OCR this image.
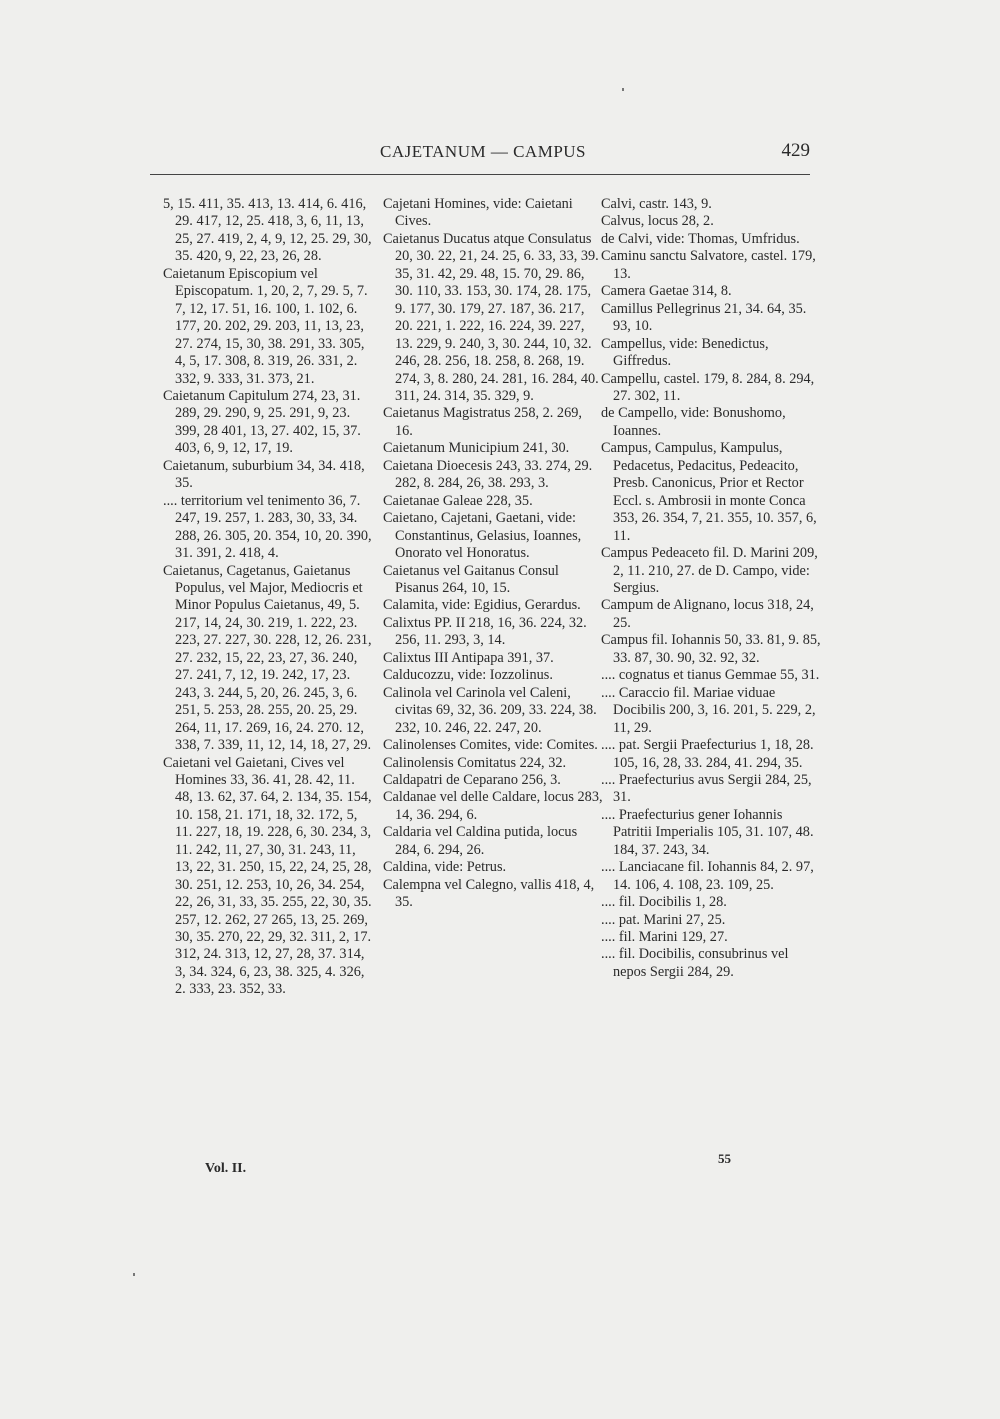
CAJETANUM — CAMPUS	429
5, 15. 411, 35. 413, 13. 414, 6. 416, 29. 417, 12, 25. 418, 3, 6, 11, 13, 25, 27. 419, 2, 4, 9, 12, 25. 29, 30, 35. 420, 9, 22, 23, 26, 28.
Caietanum Episcopium vel Episcopatum. 1, 20, 2, 7, 29. 5, 7. 7, 12, 17. 51, 16. 100, 1. 102, 6. 177, 20. 202, 29. 203, 11, 13, 23, 27. 274, 15, 30, 38. 291, 33. 305, 4, 5, 17. 308, 8. 319, 26. 331, 2. 332, 9. 333, 31. 373, 21.
Caietanum Capitulum 274, 23, 31. 289, 29. 290, 9, 25. 291, 9, 23. 399, 28 401, 13, 27. 402, 15, 37. 403, 6, 9, 12, 17, 19.
Caietanum, suburbium 34, 34. 418, 35.
.... territorium vel tenimento 36, 7. 247, 19. 257, 1. 283, 30, 33, 34. 288, 26. 305, 20. 354, 10, 20. 390, 31. 391, 2. 418, 4.
Caietanus, Cagetanus, Gaietanus Populus, vel Major, Mediocris et Minor Populus Caietanus, 49, 5. 217, 14, 24, 30. 219, 1. 222, 23. 223, 27. 227, 30. 228, 12, 26. 231, 27. 232, 15, 22, 23, 27, 36. 240, 27. 241, 7, 12, 19. 242, 17, 23. 243, 3. 244, 5, 20, 26. 245, 3, 6. 251, 5. 253, 28. 255, 20. 25, 29. 264, 11, 17. 269, 16, 24. 270. 12, 338, 7. 339, 11, 12, 14, 18, 27, 29.
Caietani vel Gaietani, Cives vel Homines 33, 36. 41, 28. 42, 11. 48, 13. 62, 37. 64, 2. 134, 35. 154, 10. 158, 21. 171, 18, 32. 172, 5, 11. 227, 18, 19. 228, 6, 30. 234, 3, 11. 242, 11, 27, 30, 31. 243, 11, 13, 22, 31. 250, 15, 22, 24, 25, 28, 30. 251, 12. 253, 10, 26, 34. 254, 22, 26, 31, 33, 35. 255, 22, 30, 35. 257, 12. 262, 27 265, 13, 25. 269, 30, 35. 270, 22, 29, 32. 311, 2, 17. 312, 24. 313, 12, 27, 28, 37. 314, 3, 34. 324, 6, 23, 38. 325, 4. 326, 2. 333, 23. 352, 33.
Cajetani Homines, vide: Caietani Cives.
Caietanus Ducatus atque Consulatus 20, 30. 22, 21, 24. 25, 6. 33, 33, 39. 35, 31. 42, 29. 48, 15. 70, 29. 86, 30. 110, 33. 153, 30. 174, 28. 175, 9. 177, 30. 179, 27. 187, 36. 217, 20. 221, 1. 222, 16. 224, 39. 227, 13. 229, 9. 240, 3, 30. 244, 10, 32. 246, 28. 256, 18. 258, 8. 268, 19. 274, 3, 8. 280, 24. 281, 16. 284, 40. 311, 24. 314, 35. 329, 9.
Caietanus Magistratus 258, 2. 269, 16.
Caietanum Municipium 241, 30.
Caietana Dioecesis 243, 33. 274, 29. 282, 8. 284, 26, 38. 293, 3.
Caietanae Galeae 228, 35.
Caietano, Cajetani, Gaetani, vide: Constantinus, Gelasius, Ioannes, Onorato vel Honoratus.
Caietanus vel Gaitanus Consul Pisanus 264, 10, 15.
Calamita, vide: Egidius, Gerardus.
Calixtus PP. II 218, 16, 36. 224, 32. 256, 11. 293, 3, 14.
Calixtus III Antipapa 391, 37.
Calducozzu, vide: Iozzolinus.
Calinola vel Carinola vel Caleni, civitas 69, 32, 36. 209, 33. 224, 38. 232, 10. 246, 22. 247, 20.
Calinolenses Comites, vide: Comites.
Calinolensis Comitatus 224, 32.
Caldapatri de Ceparano 256, 3.
Caldanae vel delle Caldare, locus 283, 14, 36. 294, 6.
Caldaria vel Caldina putida, locus 284, 6. 294, 26.
Caldina, vide: Petrus.
Calempna vel Calegno, vallis 418, 4, 35.
Calvi, castr. 143, 9.
Calvus, locus 28, 2.
de Calvi, vide: Thomas, Umfridus.
Caminu sanctu Salvatore, castel. 179, 13.
Camera Gaetae 314, 8.
Camillus Pellegrinus 21, 34. 64, 35. 93, 10.
Campellus, vide: Benedictus, Giffredus.
Campellu, castel. 179, 8. 284, 8. 294, 27. 302, 11.
de Campello, vide: Bonushomo, Ioannes.
Campus, Campulus, Kampulus, Pedacetus, Pedacitus, Pedeacito, Presb. Canonicus, Prior et Rector Eccl. s. Ambrosii in monte Conca 353, 26. 354, 7, 21. 355, 10. 357, 6, 11.
Campus Pedeaceto fil. D. Marini 209, 2, 11. 210, 27. de D. Campo, vide: Sergius.
Campum de Alignano, locus 318, 24, 25.
Campus fil. Iohannis 50, 33. 81, 9. 85, 33. 87, 30. 90, 32. 92, 32.
.... cognatus et tianus Gemmae 55, 31.
.... Caraccio fil. Mariae viduae Docibilis 200, 3, 16. 201, 5. 229, 2, 11, 29.
.... pat. Sergii Praefecturius 1, 18, 28. 105, 16, 28, 33. 284, 41. 294, 35.
.... Praefecturius avus Sergii 284, 25, 31.
.... Praefecturius gener Iohannis Patritii Imperialis 105, 31. 107, 48. 184, 37. 243, 34.
.... Lanciacane fil. Iohannis 84, 2. 97, 14. 106, 4. 108, 23. 109, 25.
.... fil. Docibilis 1, 28.
.... pat. Marini 27, 25.
.... fil. Marini 129, 27.
.... fil. Docibilis, consubrinus vel nepos Sergii 284, 29.
Vol. II.
55
